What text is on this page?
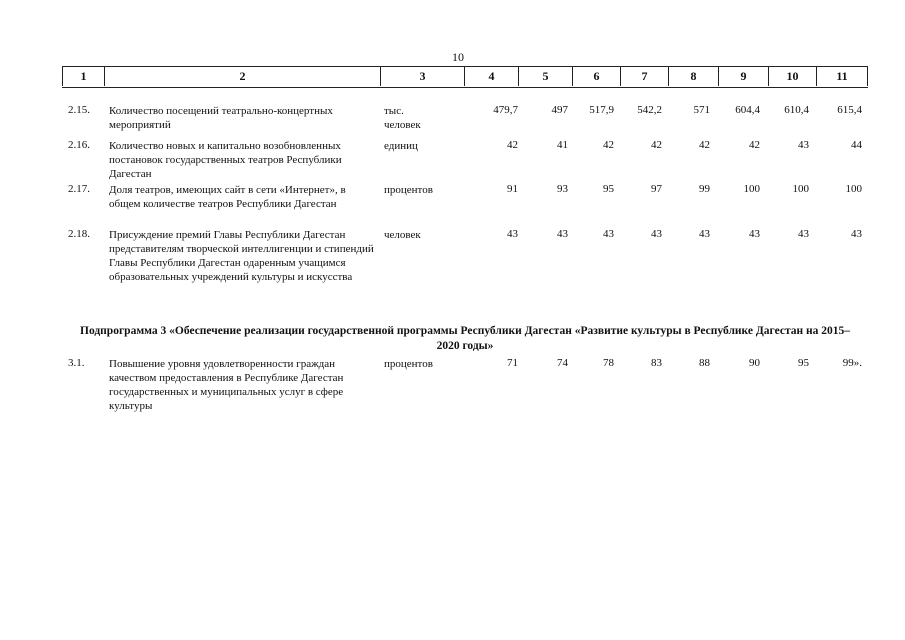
10
1	2	3	4	5	6	7	8	9	10	11
2.15. Количество посещений театрально-концертных мероприятий
тыс. человек
479,7	497	517,9	542,2	571	604,4	610,4	615,4
2.16. Количество новых и капитально возобновленных постановок государственных театров Республики Дагестан
единиц	42	41	42	42	42	42	43	44
2.17. Доля театров, имеющих сайт в сети «Интернет», в общем количестве театров Республики Дагестан
процентов	91	93	95	97	99	100	100	100
2.18. Присуждение премий Главы Республики Дагестан представителям творческой интеллигенции и стипендий Главы Республики Дагестан одаренным учащимся образовательных учреждений культуры и искусства
человек	43	43	43	43	43	43	43	43
Подпрограмма 3 «Обеспечение реализации государственной программы Республики Дагестан «Развитие культуры в Республике Дагестан на 2015–2020 годы»
3.1. Повышение уровня удовлетворенности граждан качеством предоставления в Республике Дагестан государственных и муниципальных услуг в сфере культуры
процентов	71	74	78	83	88	90	95	99».
